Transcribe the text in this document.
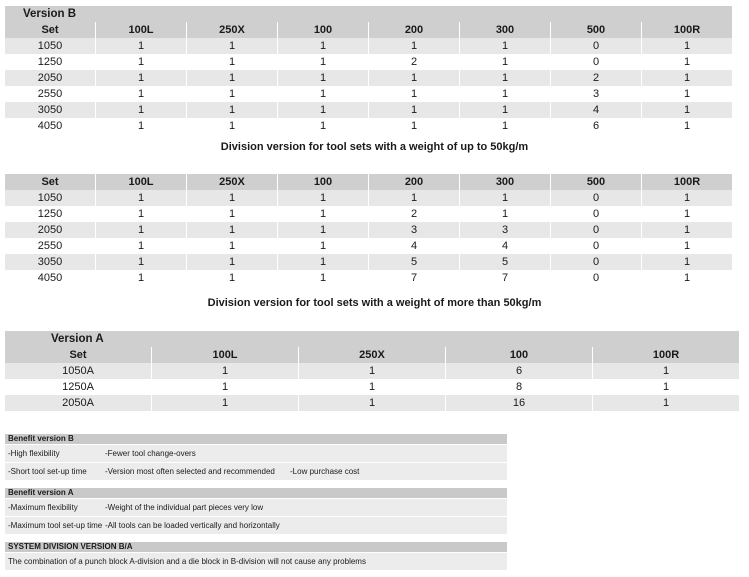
Version B							
Set	100L	250X	100	200	300	500	100R
1050	1	1	1	1	1	0	1
1250	1	1	1	2	1	0	1
2050	1	1	1	1	1	2	1
2550	1	1	1	1	1	3	1
3050	1	1	1	1	1	4	1
4050	1	1	1	1	1	6	1
Division version for tool sets with a weight of up to 50kg/m
Set	100L	250X	100	200	300	500	100R
1050	1	1	1	1	1	0	1
1250	1	1	1	2	1	0	1
2050	1	1	1	3	3	0	1
2550	1	1	1	4	4	0	1
3050	1	1	1	5	5	0	1
4050	1	1	1	7	7	0	1
Division version for tool sets with a weight of more than 50kg/m
Version A				
Set	100L	250X	100	100R
1050A	1	1	6	1
1250A	1	1	8	1
2050A	1	1	16	1
Benefit version B
-High flexibility	-Fewer tool change-overs
-Short tool set-up time -Version most often selected and recommended -Low purchase cost
Benefit version A
-Maximum flexibility	-Weight of the individual part pieces very low
-Maximum tool set-up time -All tools can be loaded vertically and horizontally
SYSTEM DIVISION VERSION B/A
The combination of a punch block A-division and a die block in B-division will not cause any problems
